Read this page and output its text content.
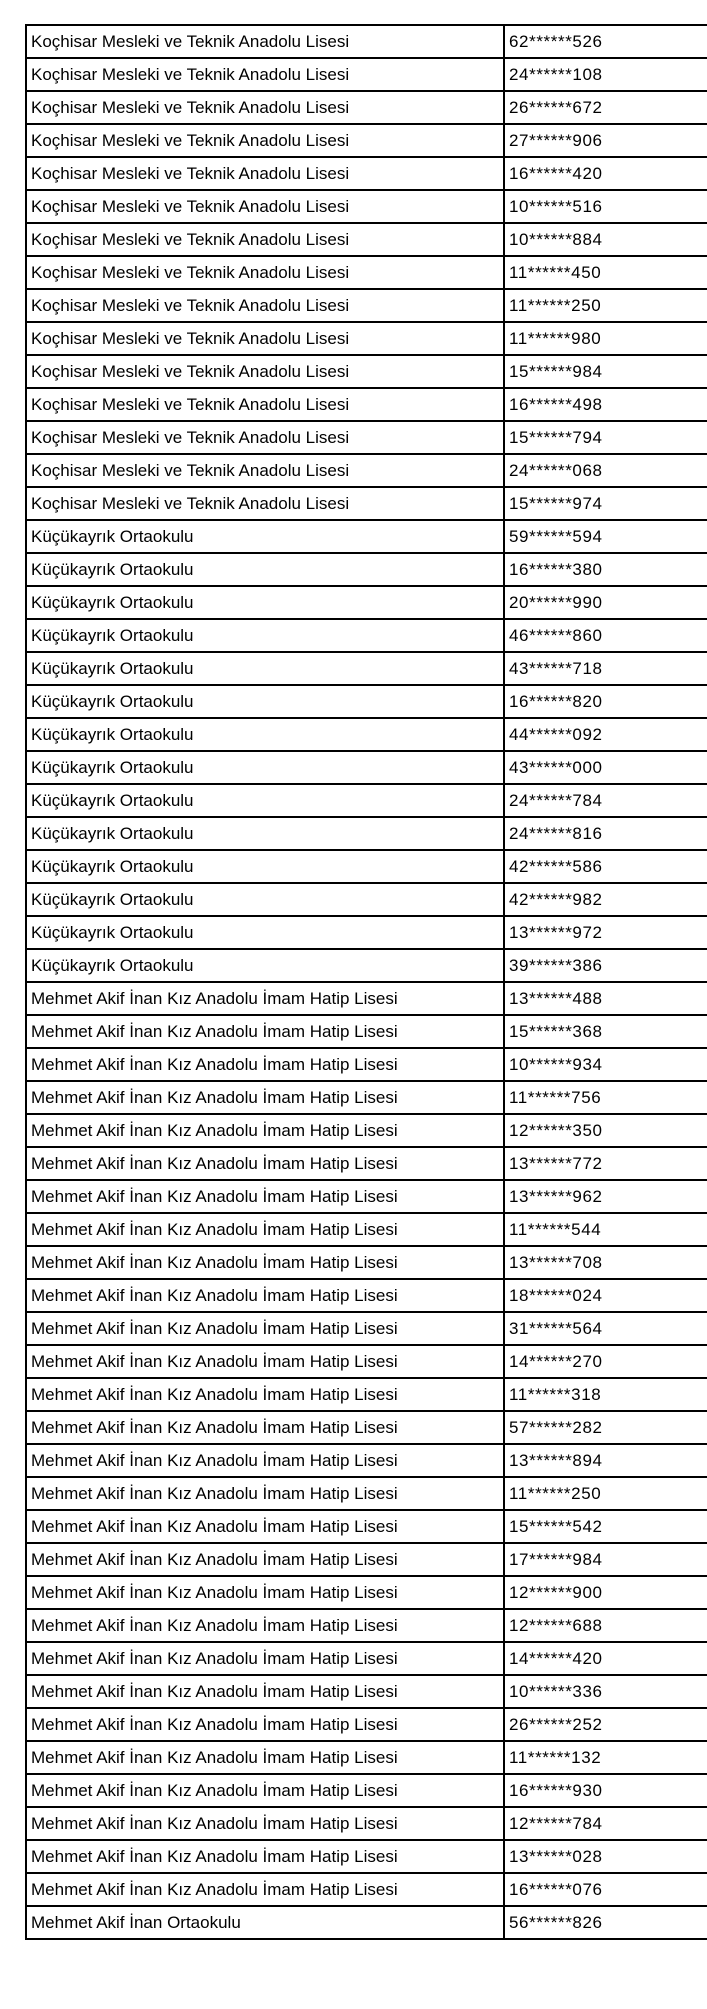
Koçhisar Mesleki ve Teknik Anadolu Lisesi	62******526
Koçhisar Mesleki ve Teknik Anadolu Lisesi	24******108
Koçhisar Mesleki ve Teknik Anadolu Lisesi	26******672
Koçhisar Mesleki ve Teknik Anadolu Lisesi	27******906
Koçhisar Mesleki ve Teknik Anadolu Lisesi	16******420
Koçhisar Mesleki ve Teknik Anadolu Lisesi	10******516
Koçhisar Mesleki ve Teknik Anadolu Lisesi	10******884
Koçhisar Mesleki ve Teknik Anadolu Lisesi	11******450
Koçhisar Mesleki ve Teknik Anadolu Lisesi	11******250
Koçhisar Mesleki ve Teknik Anadolu Lisesi	11******980
Koçhisar Mesleki ve Teknik Anadolu Lisesi	15******984
Koçhisar Mesleki ve Teknik Anadolu Lisesi	16******498
Koçhisar Mesleki ve Teknik Anadolu Lisesi	15******794
Koçhisar Mesleki ve Teknik Anadolu Lisesi	24******068
Koçhisar Mesleki ve Teknik Anadolu Lisesi	15******974
Küçükayrık Ortaokulu	59******594
Küçükayrık Ortaokulu	16******380
Küçükayrık Ortaokulu	20******990
Küçükayrık Ortaokulu	46******860
Küçükayrık Ortaokulu	43******718
Küçükayrık Ortaokulu	16******820
Küçükayrık Ortaokulu	44******092
Küçükayrık Ortaokulu	43******000
Küçükayrık Ortaokulu	24******784
Küçükayrık Ortaokulu	24******816
Küçükayrık Ortaokulu	42******586
Küçükayrık Ortaokulu	42******982
Küçükayrık Ortaokulu	13******972
Küçükayrık Ortaokulu	39******386
Mehmet Akif İnan Kız Anadolu İmam Hatip Lisesi	13******488
Mehmet Akif İnan Kız Anadolu İmam Hatip Lisesi	15******368
Mehmet Akif İnan Kız Anadolu İmam Hatip Lisesi	10******934
Mehmet Akif İnan Kız Anadolu İmam Hatip Lisesi	11******756
Mehmet Akif İnan Kız Anadolu İmam Hatip Lisesi	12******350
Mehmet Akif İnan Kız Anadolu İmam Hatip Lisesi	13******772
Mehmet Akif İnan Kız Anadolu İmam Hatip Lisesi	13******962
Mehmet Akif İnan Kız Anadolu İmam Hatip Lisesi	11******544
Mehmet Akif İnan Kız Anadolu İmam Hatip Lisesi	13******708
Mehmet Akif İnan Kız Anadolu İmam Hatip Lisesi	18******024
Mehmet Akif İnan Kız Anadolu İmam Hatip Lisesi	31******564
Mehmet Akif İnan Kız Anadolu İmam Hatip Lisesi	14******270
Mehmet Akif İnan Kız Anadolu İmam Hatip Lisesi	11******318
Mehmet Akif İnan Kız Anadolu İmam Hatip Lisesi	57******282
Mehmet Akif İnan Kız Anadolu İmam Hatip Lisesi	13******894
Mehmet Akif İnan Kız Anadolu İmam Hatip Lisesi	11******250
Mehmet Akif İnan Kız Anadolu İmam Hatip Lisesi	15******542
Mehmet Akif İnan Kız Anadolu İmam Hatip Lisesi	17******984
Mehmet Akif İnan Kız Anadolu İmam Hatip Lisesi	12******900
Mehmet Akif İnan Kız Anadolu İmam Hatip Lisesi	12******688
Mehmet Akif İnan Kız Anadolu İmam Hatip Lisesi	14******420
Mehmet Akif İnan Kız Anadolu İmam Hatip Lisesi	10******336
Mehmet Akif İnan Kız Anadolu İmam Hatip Lisesi	26******252
Mehmet Akif İnan Kız Anadolu İmam Hatip Lisesi	11******132
Mehmet Akif İnan Kız Anadolu İmam Hatip Lisesi	16******930
Mehmet Akif İnan Kız Anadolu İmam Hatip Lisesi	12******784
Mehmet Akif İnan Kız Anadolu İmam Hatip Lisesi	13******028
Mehmet Akif İnan Kız Anadolu İmam Hatip Lisesi	16******076
Mehmet Akif İnan Ortaokulu	56******826
